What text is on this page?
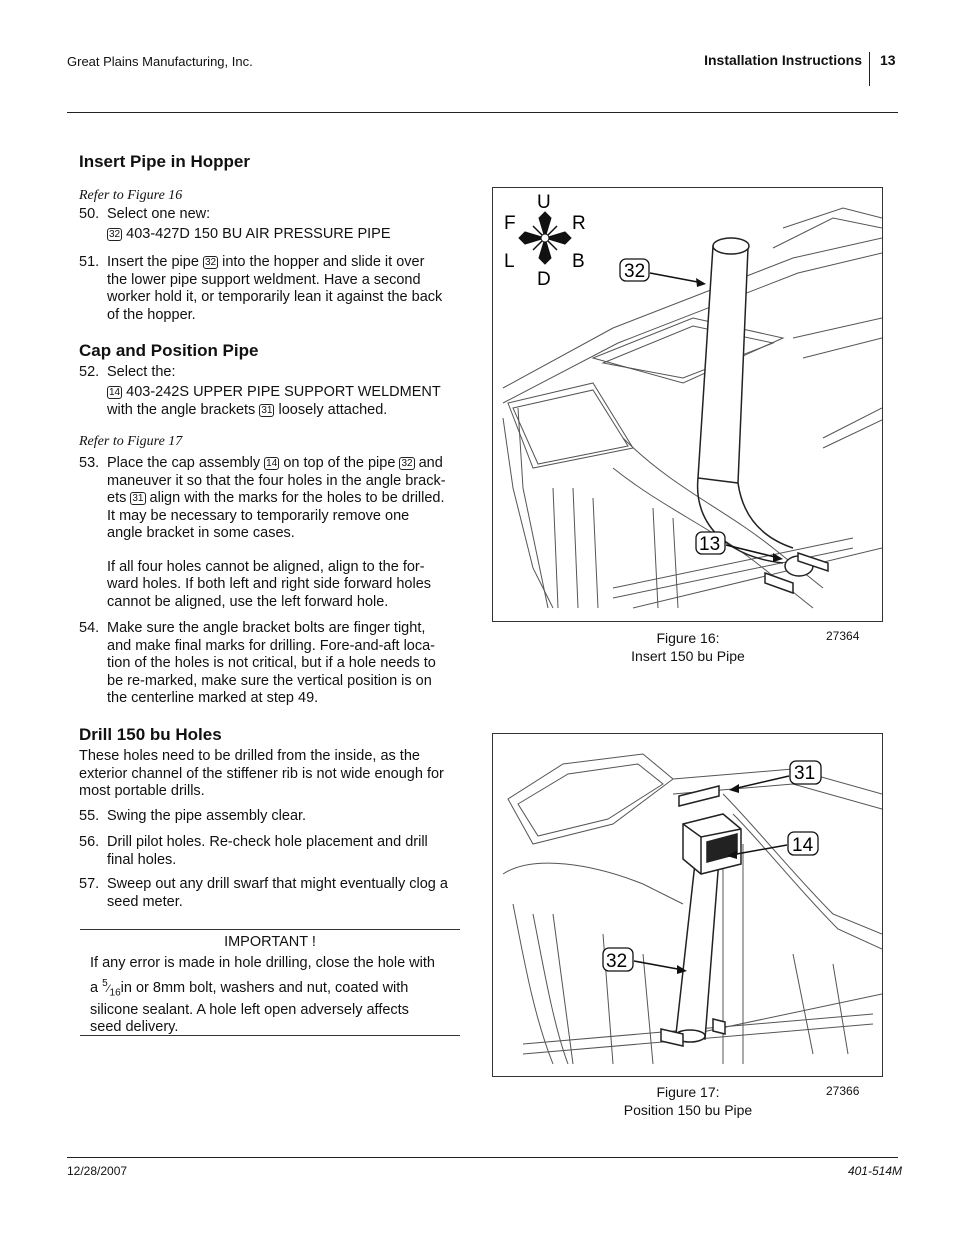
Great Plains Manufacturing, Inc.	Installation Instructions 13
Insert Pipe in Hopper
Refer to Figure 16
50. Select one new:
32 403-427D 150 BU AIR PRESSURE PIPE
51. Insert the pipe 32 into the hopper and slide it over
the lower pipe support weldment. Have a second
worker hold it, or temporarily lean it against the back
of the hopper.
Cap and Position Pipe
52. Select the:
14 403-242S UPPER PIPE SUPPORT WELDMENT
with the angle brackets 31 loosely attached.
Refer to Figure 17
53. Place the cap assembly 14 on top of the pipe 32 and
maneuver it so that the four holes in the angle brack-
ets 31 align with the marks for the holes to be drilled.
It may be necessary to temporarily remove one
angle bracket in some cases.
If all four holes cannot be aligned, align to the for-
ward holes. If both left and right side forward holes
cannot be aligned, use the left forward hole.
54. Make sure the angle bracket bolts are finger tight,
and make final marks for drilling. Fore-and-aft loca-
tion of the holes is not critical, but if a hole needs to
be re-marked, make sure the vertical position is on
the centerline marked at step 49.
Drill 150 bu Holes
These holes need to be drilled from the inside, as the
exterior channel of the stiffener rib is not wide enough for
most portable drills.
55. Swing the pipe assembly clear.
56. Drill pilot holes. Re-check hole placement and drill
final holes.
57. Sweep out any drill swarf that might eventually clog a
seed meter.
IMPORTANT !
If any error is made in hole drilling, close the hole with
a $^5⁄_{16}in$ or 8mm bolt, washers and nut, coated with
silicone sealant. A hole left open adversely affects
seed delivery.
U
D
F	R
L	B 32
13
Figure 16:
Insert 150 bu Pipe
27364
31
14
32
Figure 17:
Position 150 bu Pipe
27366
12/28/2007	401-514M
